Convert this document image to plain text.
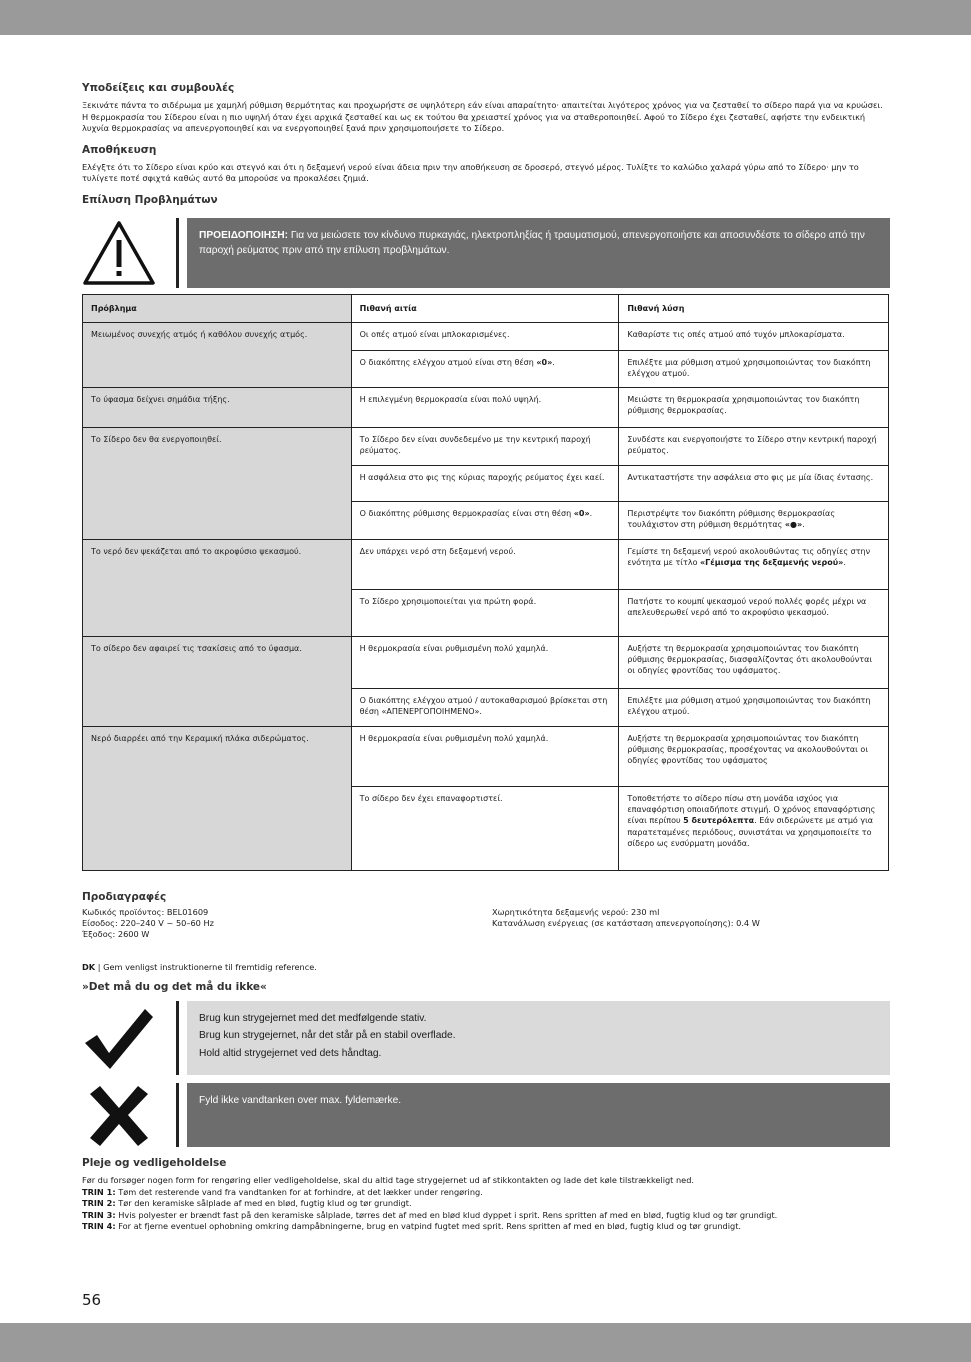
Υποδείξεις και συμβουλές
Ξεκινάτε πάντα το σιδέρωμα με χαμηλή ρύθμιση θερμότητας και προχωρήστε σε υψηλότερη εάν είναι απαραίτητο· απαιτείται λιγότερος χρόνος για να ζεσταθεί το σίδερο παρά για να κρυώσει.
Η θερμοκρασία του Σίδερου είναι η πιο υψηλή όταν έχει αρχικά ζεσταθεί και ως εκ τούτου θα χρειαστεί χρόνος για να σταθεροποιηθεί. Αφού το Σίδερο έχει ζεσταθεί, αφήστε την ενδεικτική λυχνία θερμοκρασίας να απενεργοποιηθεί και να ενεργοποιηθεί ξανά πριν χρησιμοποιήσετε το Σίδερο.
Αποθήκευση
Ελέγξτε ότι το Σίδερο είναι κρύο και στεγνό και ότι η δεξαμενή νερού είναι άδεια πριν την αποθήκευση σε δροσερό, στεγνό μέρος. Τυλίξτε το καλώδιο χαλαρά γύρω από το Σίδερο· μην το τυλίγετε ποτέ σφιχτά καθώς αυτό θα μπορούσε να προκαλέσει ζημιά.
Επίλυση Προβλημάτων
ΠΡΟΕΙΔΟΠΟΙΗΣΗ: Για να μειώσετε τον κίνδυνο πυρκαγιάς, ηλεκτροπληξίας ή τραυματισμού, απενεργοποιήστε και αποσυνδέστε το σίδερο από την παροχή ρεύματος πριν από την επίλυση προβλημάτων.
Πρόβλημα	Πιθανή αιτία	Πιθανή λύση
Μειωμένος συνεχής ατμός ή καθόλου συνεχής ατμός.	Οι οπές ατμού είναι μπλοκαρισμένες.	Καθαρίστε τις οπές ατμού από τυχόν μπλοκαρίσματα.
	Ο διακόπτης ελέγχου ατμού είναι στη θέση «0».	Επιλέξτε μια ρύθμιση ατμού χρησιμοποιώντας τον διακόπτη ελέγχου ατμού.
Το ύφασμα δείχνει σημάδια τήξης.	Η επιλεγμένη θερμοκρασία είναι πολύ υψηλή.	Μειώστε τη θερμοκρασία χρησιμοποιώντας τον διακόπτη ρύθμισης θερμοκρασίας.
Το Σίδερο δεν θα ενεργοποιηθεί.	Το Σίδερο δεν είναι συνδεδεμένο με την κεντρική παροχή ρεύματος.	Συνδέστε και ενεργοποιήστε το Σίδερο στην κεντρική παροχή ρεύματος.
	Η ασφάλεια στο φις της κύριας παροχής ρεύματος έχει καεί.	Αντικαταστήστε την ασφάλεια στο φις με μία ίδιας έντασης.
	Ο διακόπτης ρύθμισης θερμοκρασίας είναι στη θέση «0».	Περιστρέψτε τον διακόπτη ρύθμισης θερμοκρασίας τουλάχιστον στη ρύθμιση θερμότητας «●».
Το νερό δεν ψεκάζεται από το ακροφύσιο ψεκασμού.	Δεν υπάρχει νερό στη δεξαμενή νερού.	Γεμίστε τη δεξαμενή νερού ακολουθώντας τις οδηγίες στην ενότητα με τίτλο «Γέμισμα της δεξαμενής νερού».
	Το Σίδερο χρησιμοποιείται για πρώτη φορά.	Πατήστε το κουμπί ψεκασμού νερού πολλές φορές μέχρι να απελευθερωθεί νερό από το ακροφύσιο ψεκασμού.
Το σίδερο δεν αφαιρεί τις τσακίσεις από το ύφασμα.	Η θερμοκρασία είναι ρυθμισμένη πολύ χαμηλά.	Αυξήστε τη θερμοκρασία χρησιμοποιώντας τον διακόπτη ρύθμισης θερμοκρασίας, διασφαλίζοντας ότι ακολουθούνται οι οδηγίες φροντίδας του υφάσματος.
	Ο διακόπτης ελέγχου ατμού / αυτοκαθαρισμού βρίσκεται στη θέση «ΑΠΕΝΕΡΓΟΠΟΙΗΜΕΝΟ».	Επιλέξτε μια ρύθμιση ατμού χρησιμοποιώντας τον διακόπτη ελέγχου ατμού.
Νερό διαρρέει από την Κεραμική πλάκα σιδερώματος.	Η θερμοκρασία είναι ρυθμισμένη πολύ χαμηλά.	Αυξήστε τη θερμοκρασία χρησιμοποιώντας τον διακόπτη ρύθμισης θερμοκρασίας, προσέχοντας να ακολουθούνται οι οδηγίες φροντίδας του υφάσματος
	Το σίδερο δεν έχει επαναφορτιστεί.	Τοποθετήστε το σίδερο πίσω στη μονάδα ισχύος για επαναφόρτιση οποιαδήποτε στιγμή. Ο χρόνος επαναφόρτισης είναι περίπου 5 δευτερόλεπτα. Εάν σιδερώνετε με ατμό για παρατεταμένες περιόδους, συνιστάται να χρησιμοποιείτε το σίδερο ως ενσύρματη μονάδα.
Προδιαγραφές
Κωδικός προϊόντος: BEL01609
Είσοδος: 220–240 V ~ 50–60 Hz
Έξοδος: 2600 W
Χωρητικότητα δεξαμενής νερού: 230 ml
Κατανάλωση ενέργειας (σε κατάσταση απενεργοποίησης): 0.4 W
DK | Gem venligst instruktionerne til fremtidig reference.
»Det må du og det må du ikke«
Brug kun strygejernet med det medfølgende stativ.
Brug kun strygejernet, når det står på en stabil overflade.
Hold altid strygejernet ved dets håndtag.
Fyld ikke vandtanken over max. fyldemærke.
Pleje og vedligeholdelse
Før du forsøger nogen form for rengøring eller vedligeholdelse, skal du altid tage strygejernet ud af stikkontakten og lade det køle tilstrækkeligt ned.
TRIN 1: Tøm det resterende vand fra vandtanken for at forhindre, at det lækker under rengøring.
TRIN 2: Tør den keramiske sålplade af med en blød, fugtig klud og tør grundigt.
TRIN 3: Hvis polyester er brændt fast på den keramiske sålplade, tørres det af med en blød klud dyppet i sprit. Rens spritten af med en blød, fugtig klud og tør grundigt.
TRIN 4: For at fjerne eventuel ophobning omkring dampåbningerne, brug en vatpind fugtet med sprit. Rens spritten af med en blød, fugtig klud og tør grundigt.
56
